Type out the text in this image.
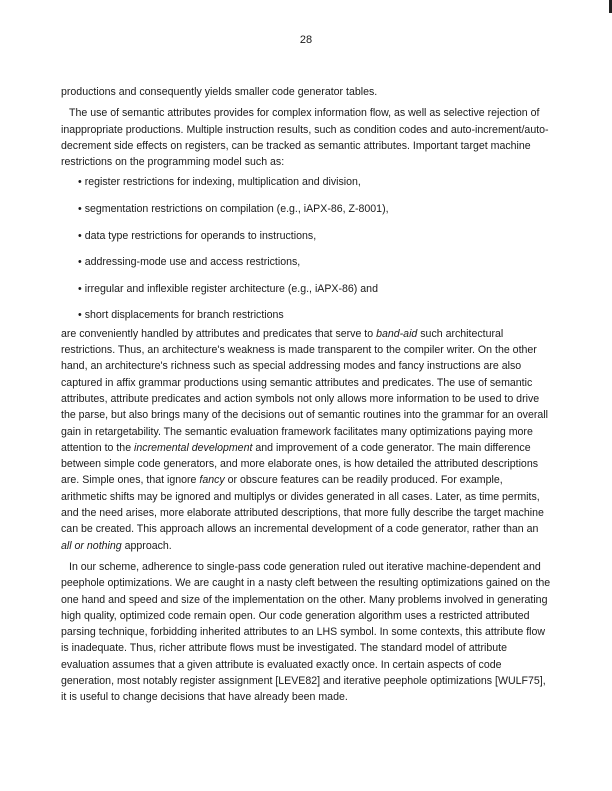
28

productions and consequently yields smaller code generator tables.

The use of semantic attributes provides for complex information flow, as well as selective rejection of inappropriate productions. Multiple instruction results, such as condition codes and auto-increment/auto-decrement side effects on registers, can be tracked as semantic attributes. Important target machine restrictions on the programming model such as:

• register restrictions for indexing, multiplication and division,
• segmentation restrictions on compilation (e.g., iAPX-86, Z-8001),
• data type restrictions for operands to instructions,
• addressing-mode use and access restrictions,
• irregular and inflexible register architecture (e.g., iAPX-86) and
• short displacements for branch restrictions

are conveniently handled by attributes and predicates that serve to band-aid such architectural restrictions. Thus, an architecture's weakness is made transparent to the compiler writer. On the other hand, an architecture's richness such as special addressing modes and fancy instructions are also captured in affix grammar productions using semantic attributes and predicates. The use of semantic attributes, attribute predicates and action symbols not only allows more information to be used to drive the parse, but also brings many of the decisions out of semantic routines into the grammar for an overall gain in retargetability. The semantic evaluation framework facilitates many optimizations paying more attention to the incremental development and improvement of a code generator. The main difference between simple code generators, and more elaborate ones, is how detailed the attributed descriptions are. Simple ones, that ignore fancy or obscure features can be readily produced. For example, arithmetic shifts may be ignored and multiplys or divides generated in all cases. Later, as time permits, and the need arises, more elaborate attributed descriptions, that more fully describe the target machine can be created. This approach allows an incremental development of a code generator, rather than an all or nothing approach.

In our scheme, adherence to single-pass code generation ruled out iterative machine-dependent and peephole optimizations. We are caught in a nasty cleft between the resulting optimizations gained on the one hand and speed and size of the implementation on the other. Many problems involved in generating high quality, optimized code remain open. Our code generation algorithm uses a restricted attributed parsing technique, forbidding inherited attributes to an LHS symbol. In some contexts, this attribute flow is inadequate. Thus, richer attribute flows must be investigated. The standard model of attribute evaluation assumes that a given attribute is evaluated exactly once. In certain aspects of code generation, most notably register assignment [LEVE82] and iterative peephole optimizations [WULF75], it is useful to change decisions that have already been made.
